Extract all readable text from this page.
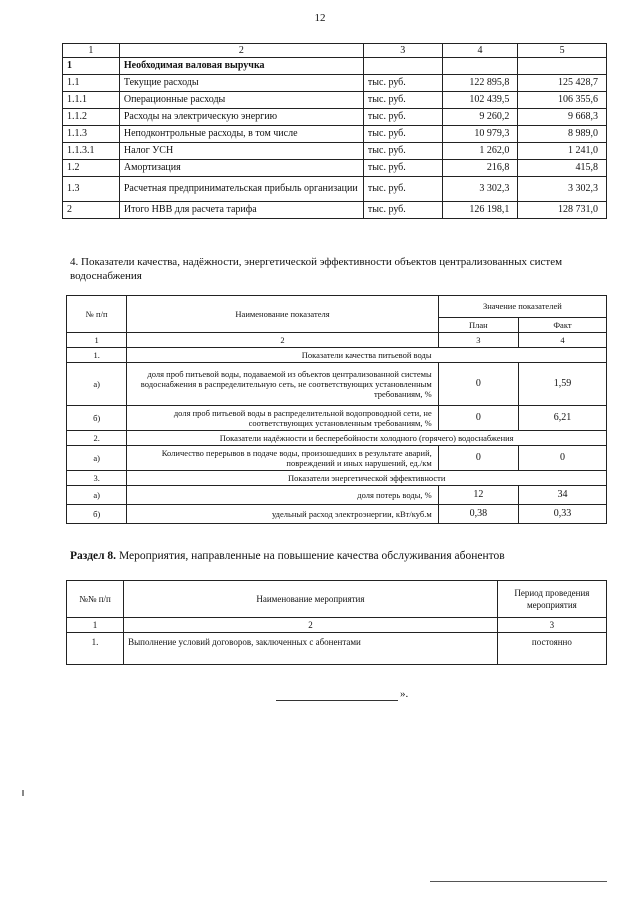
12
1	2	3	4	5
1	Необходимая валовая выручка			
1.1	Текущие расходы	тыс. руб.	122 895,8	125 428,7
1.1.1	Операционные расходы	тыс. руб.	102 439,5	106 355,6
1.1.2	Расходы на электрическую энергию	тыс. руб.	9 260,2	9 668,3
1.1.3	Неподконтрольные расходы, в том числе	тыс. руб.	10 979,3	8 989,0
1.1.3.1	Налог УСН	тыс. руб.	1 262,0	1 241,0
1.2	Амортизация	тыс. руб.	216,8	415,8
1.3	Расчетная предпринимательская прибыль организации	тыс. руб.	3 302,3	3 302,3
2	Итого НВВ для расчета тарифа	тыс. руб.	126 198,1	128 731,0
4. Показатели качества, надёжности, энергетической эффективности объектов централизованных систем водоснабжения
№ п/п	Наименование показателя	Значение показателей	
		План	Факт
1	2	3	4
1.	Показатели качества питьевой воды		
а)	доля проб питьевой воды, подаваемой из объектов централизованной системы водоснабжения в распределительную сеть, не соответствующих установленным требованиям, %	0	1,59
б)	доля проб питьевой воды в распределительной водопроводной сети, не соответствующих установленным требованиям, %	0	6,21
2.	Показатели надёжности и бесперебойности холодного (горячего) водоснабжения		
а)	Количество перерывов в подаче воды, произошедших в результате аварий, повреждений и иных нарушений, ед./км	0	0
3.	Показатели энергетической эффективности		
а)	доля потерь воды, %	12	34
б)	удельный расход электроэнергии, кВт/куб.м	0,38	0,33
Раздел 8. Мероприятия, направленные на повышение качества обслуживания абонентов
№№ п/п	Наименование мероприятия	Период проведения мероприятия
1	2	3
1.	Выполнение условий договоров, заключенных с абонентами	постоянно
».
